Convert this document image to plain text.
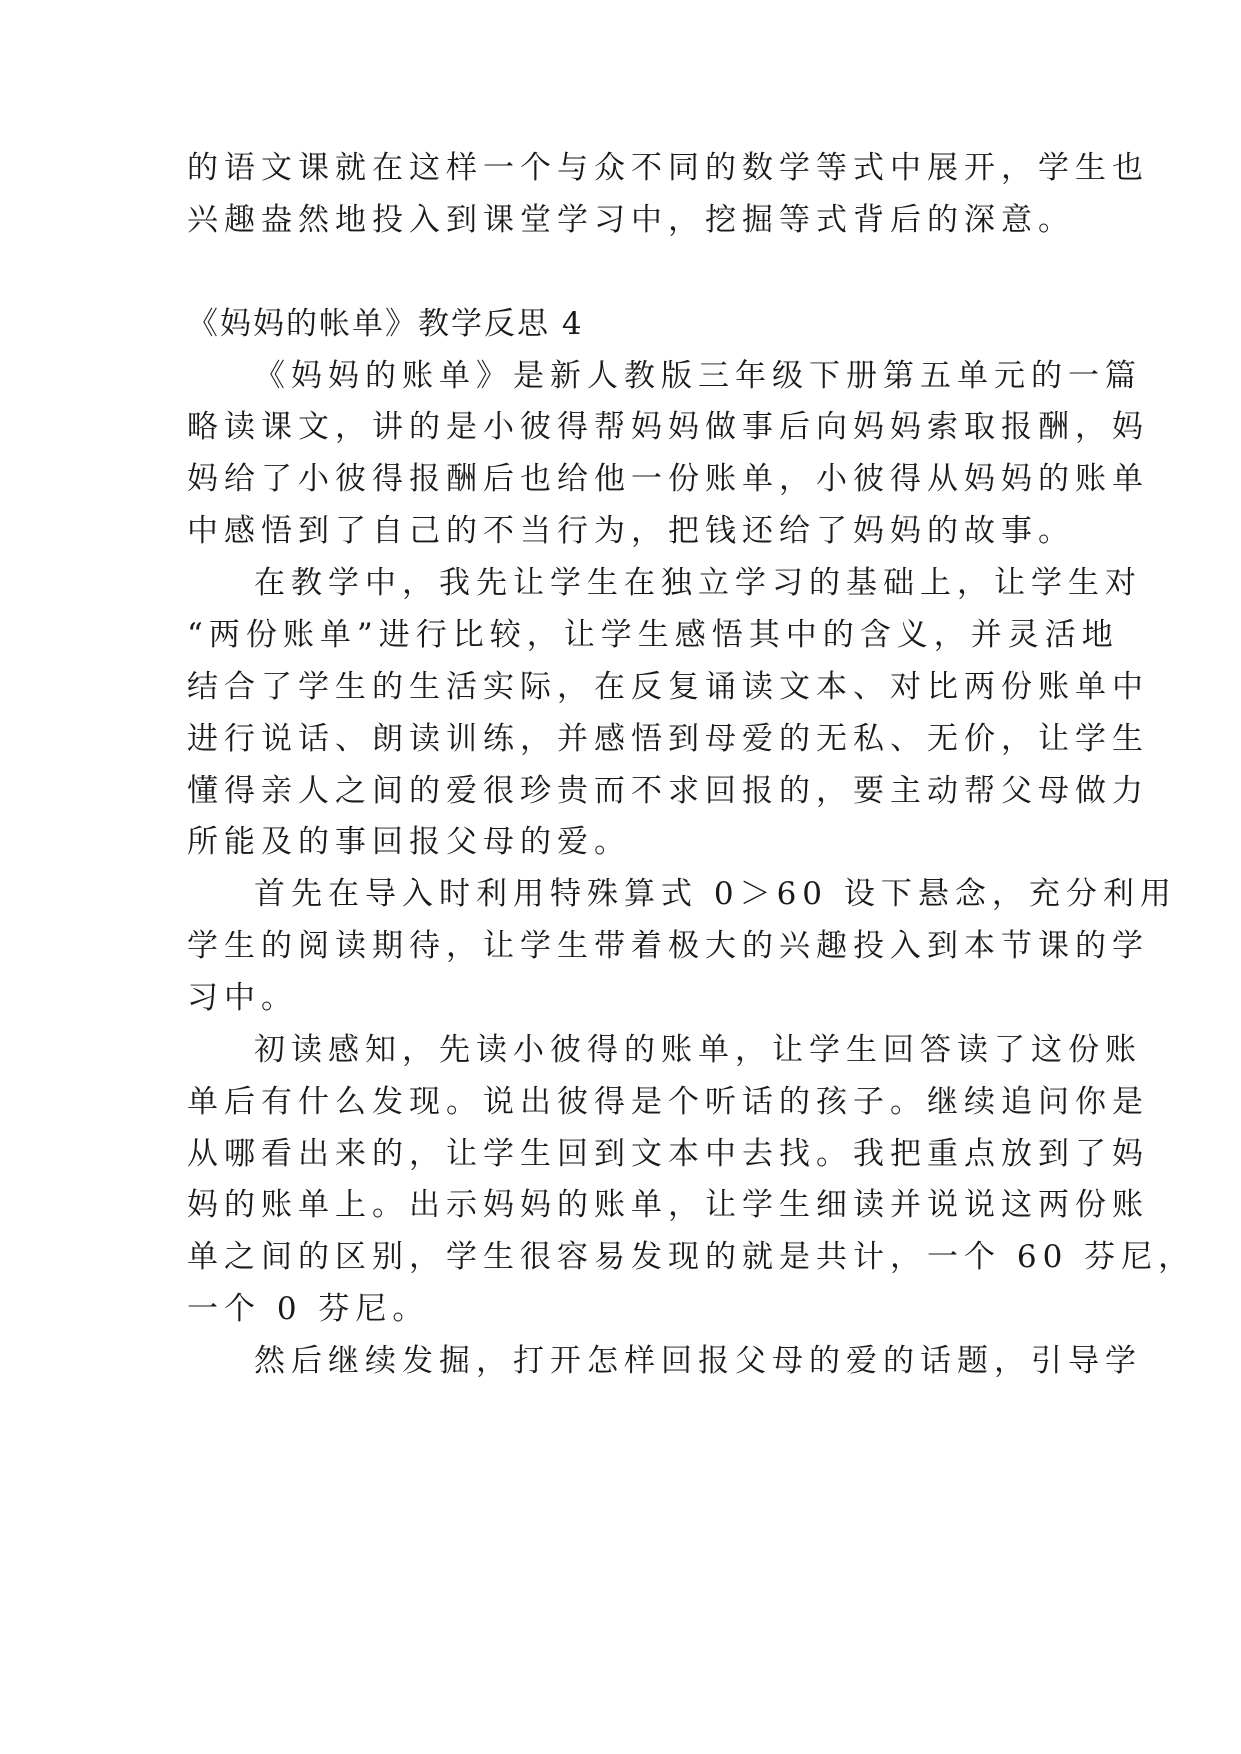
的语文课就在这样一个与众不同的数学等式中展开，学生也
兴趣盎然地投入到课堂学习中，挖掘等式背后的深意。
《妈妈的帐单》教学反思 4
《妈妈的账单》是新人教版三年级下册第五单元的一篇
略读课文，讲的是小彼得帮妈妈做事后向妈妈索取报酬，妈
妈给了小彼得报酬后也给他一份账单，小彼得从妈妈的账单
中感悟到了自己的不当行为，把钱还给了妈妈的故事。
在教学中，我先让学生在独立学习的基础上，让学生对
“两份账单”进行比较，让学生感悟其中的含义，并灵活地
结合了学生的生活实际，在反复诵读文本、对比两份账单中
进行说话、朗读训练，并感悟到母爱的无私、无价，让学生
懂得亲人之间的爱很珍贵而不求回报的，要主动帮父母做力
所能及的事回报父母的爱。
首先在导入时利用特殊算式 0＞60 设下悬念，充分利用
学生的阅读期待，让学生带着极大的兴趣投入到本节课的学
习中。
初读感知，先读小彼得的账单，让学生回答读了这份账
单后有什么发现。说出彼得是个听话的孩子。继续追问你是
从哪看出来的，让学生回到文本中去找。我把重点放到了妈
妈的账单上。出示妈妈的账单，让学生细读并说说这两份账
单之间的区别，学生很容易发现的就是共计，一个 60 芬尼，
一个 0 芬尼。
然后继续发掘，打开怎样回报父母的爱的话题，引导学
